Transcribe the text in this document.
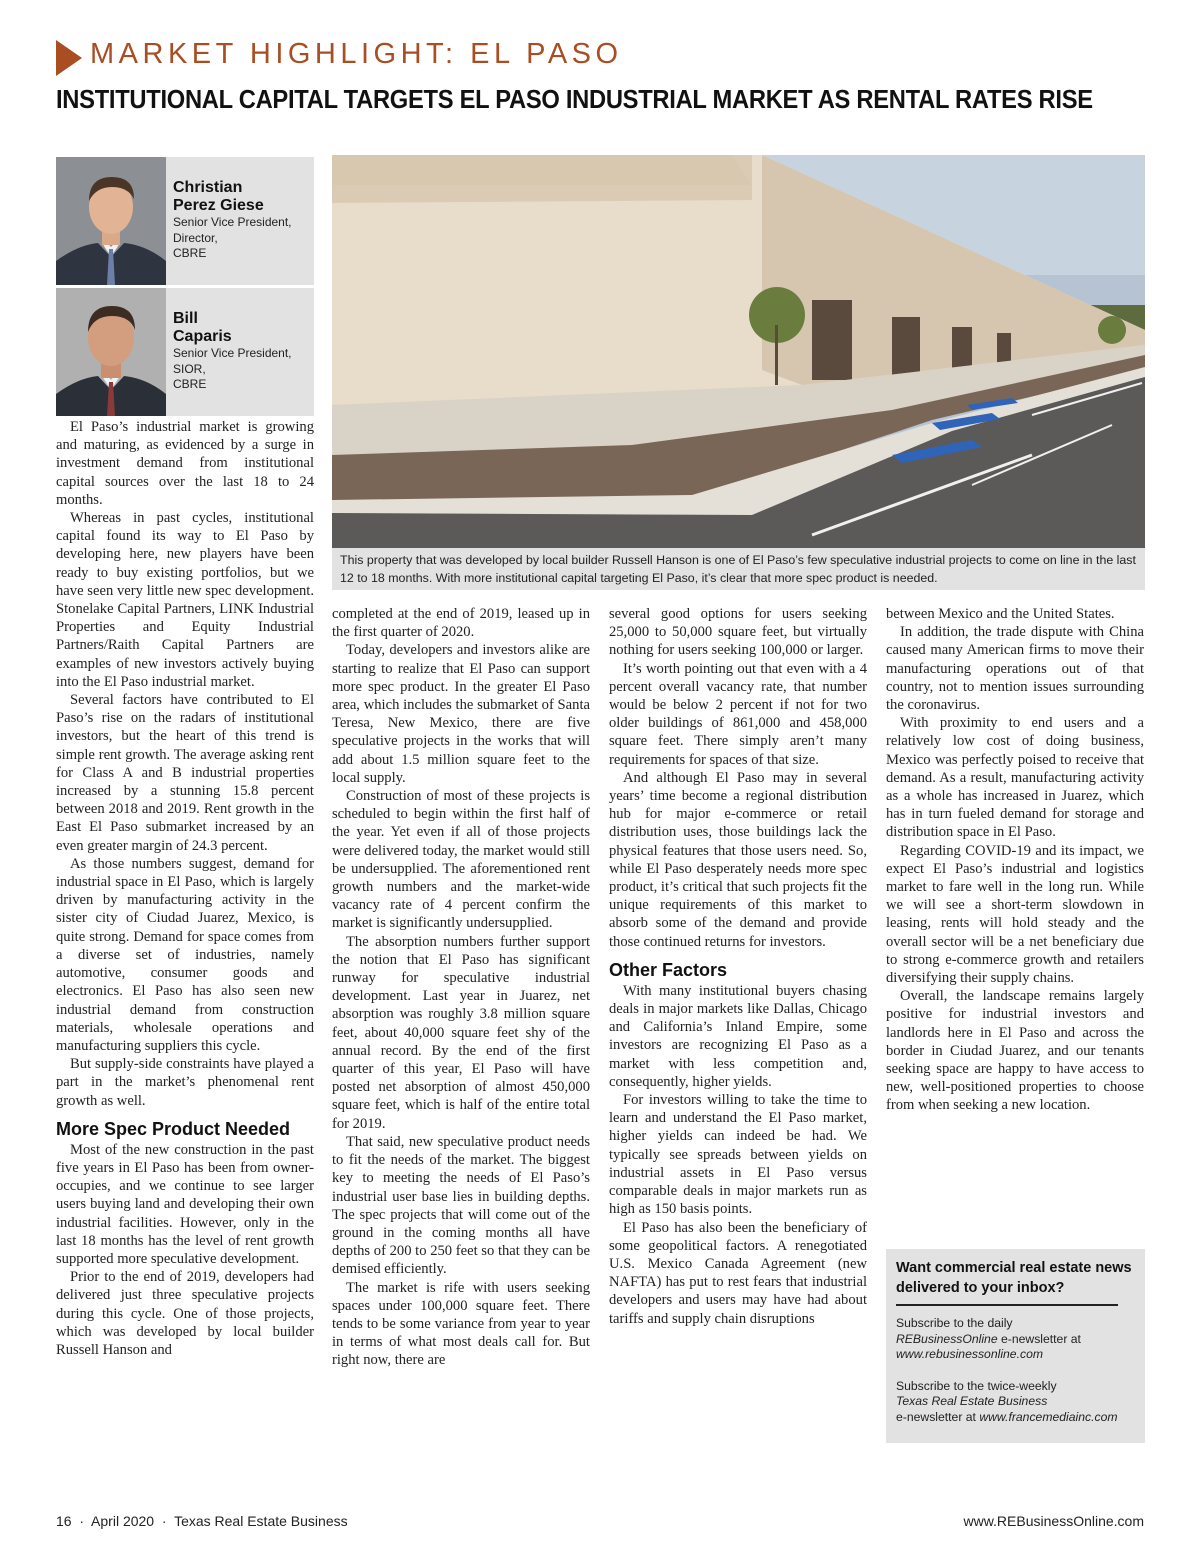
MARKET HIGHLIGHT: EL PASO
INSTITUTIONAL CAPITAL TARGETS EL PASO INDUSTRIAL MARKET AS RENTAL RATES RISE
Christian
Perez Giese
Senior Vice President,
Director,
CBRE
Bill
Caparis
Senior Vice President,
SIOR,
CBRE
This property that was developed by local builder Russell Hanson is one of El Paso’s few speculative industrial projects to come on line in the last 12 to 18 months. With more institutional capital targeting El Paso, it’s clear that more spec product is needed.

El Paso’s industrial market is growing and maturing, as evidenced by a surge in investment demand from institutional capital sources over the last 18 to 24 months.

Whereas in past cycles, institutional capital found its way to El Paso by developing here, new players have been ready to buy existing portfolios, but we have seen very little new spec development. Stonelake Capital Partners, LINK Industrial Properties and Equity Industrial Partners/Raith Capital Partners are examples of new investors actively buying into the El Paso industrial market.

Several factors have contributed to El Paso’s rise on the radars of institutional investors, but the heart of this trend is simple rent growth. The average asking rent for Class A and B industrial properties increased by a stunning 15.8 percent between 2018 and 2019. Rent growth in the East El Paso submarket increased by an even greater margin of 24.3 percent.

As those numbers suggest, demand for industrial space in El Paso, which is largely driven by manufacturing activity in the sister city of Ciudad Juarez, Mexico, is quite strong. Demand for space comes from a diverse set of industries, namely automotive, consumer goods and electronics. El Paso has also seen new industrial demand from construction materials, wholesale operations and manufacturing suppliers this cycle.

But supply-side constraints have played a part in the market’s phenomenal rent growth as well.

More Spec Product Needed

Most of the new construction in the past five years in El Paso has been from owner-occupies, and we continue to see larger users buying land and developing their own industrial facilities. However, only in the last 18 months has the level of rent growth supported more speculative development.

Prior to the end of 2019, developers had delivered just three speculative projects during this cycle. One of those projects, which was developed by local builder Russell Hanson and

completed at the end of 2019, leased up in the first quarter of 2020.

Today, developers and investors alike are starting to realize that El Paso can support more spec product. In the greater El Paso area, which includes the submarket of Santa Teresa, New Mexico, there are five speculative projects in the works that will add about 1.5 million square feet to the local supply.

Construction of most of these projects is scheduled to begin within the first half of the year. Yet even if all of those projects were delivered today, the market would still be undersupplied. The aforementioned rent growth numbers and the market-wide vacancy rate of 4 percent confirm the market is significantly undersupplied.

The absorption numbers further support the notion that El Paso has significant runway for speculative industrial development. Last year in Juarez, net absorption was roughly 3.8 million square feet, about 40,000 square feet shy of the annual record. By the end of the first quarter of this year, El Paso will have posted net absorption of almost 450,000 square feet, which is half of the entire total for 2019.

That said, new speculative product needs to fit the needs of the market. The biggest key to meeting the needs of El Paso’s industrial user base lies in building depths. The spec projects that will come out of the ground in the coming months all have depths of 200 to 250 feet so that they can be demised efficiently.

The market is rife with users seeking spaces under 100,000 square feet. There tends to be some variance from year to year in terms of what most deals call for. But right now, there are

several good options for users seeking 25,000 to 50,000 square feet, but virtually nothing for users seeking 100,000 or larger.

It’s worth pointing out that even with a 4 percent overall vacancy rate, that number would be below 2 percent if not for two older buildings of 861,000 and 458,000 square feet. There simply aren’t many requirements for spaces of that size.

And although El Paso may in several years’ time become a regional distribution hub for major e-commerce or retail distribution uses, those buildings lack the physical features that those users need. So, while El Paso desperately needs more spec product, it’s critical that such projects fit the unique requirements of this market to absorb some of the demand and provide those continued returns for investors.

Other Factors

With many institutional buyers chasing deals in major markets like Dallas, Chicago and California’s Inland Empire, some investors are recognizing El Paso as a market with less competition and, consequently, higher yields.

For investors willing to take the time to learn and understand the El Paso market, higher yields can indeed be had. We typically see spreads between yields on industrial assets in El Paso versus comparable deals in major markets run as high as 150 basis points.

El Paso has also been the beneficiary of some geopolitical factors. A renegotiated U.S. Mexico Canada Agreement (new NAFTA) has put to rest fears that industrial developers and users may have had about tariffs and supply chain disruptions

between Mexico and the United States.

In addition, the trade dispute with China caused many American firms to move their manufacturing operations out of that country, not to mention issues surrounding the coronavirus.

With proximity to end users and a relatively low cost of doing business, Mexico was perfectly poised to receive that demand. As a result, manufacturing activity as a whole has increased in Juarez, which has in turn fueled demand for storage and distribution space in El Paso.

Regarding COVID-19 and its impact, we expect El Paso’s industrial and logistics market to fare well in the long run. While we will see a short-term slowdown in leasing, rents will hold steady and the overall sector will be a net beneficiary due to strong e-commerce growth and retailers diversifying their supply chains.

Overall, the landscape remains largely positive for industrial investors and landlords here in El Paso and across the border in Ciudad Juarez, and our tenants seeking space are happy to have access to new, well-positioned properties to choose from when seeking a new location.

Want commercial real estate news delivered to your inbox?
Subscribe to the daily
REBusinessOnline e-newsletter at
www.rebusinessonline.com
Subscribe to the twice-weekly
Texas Real Estate Business
e-newsletter at www.francemediainc.com
16 · April 2020 · Texas Real Estate Business	www.REBusinessOnline.com
